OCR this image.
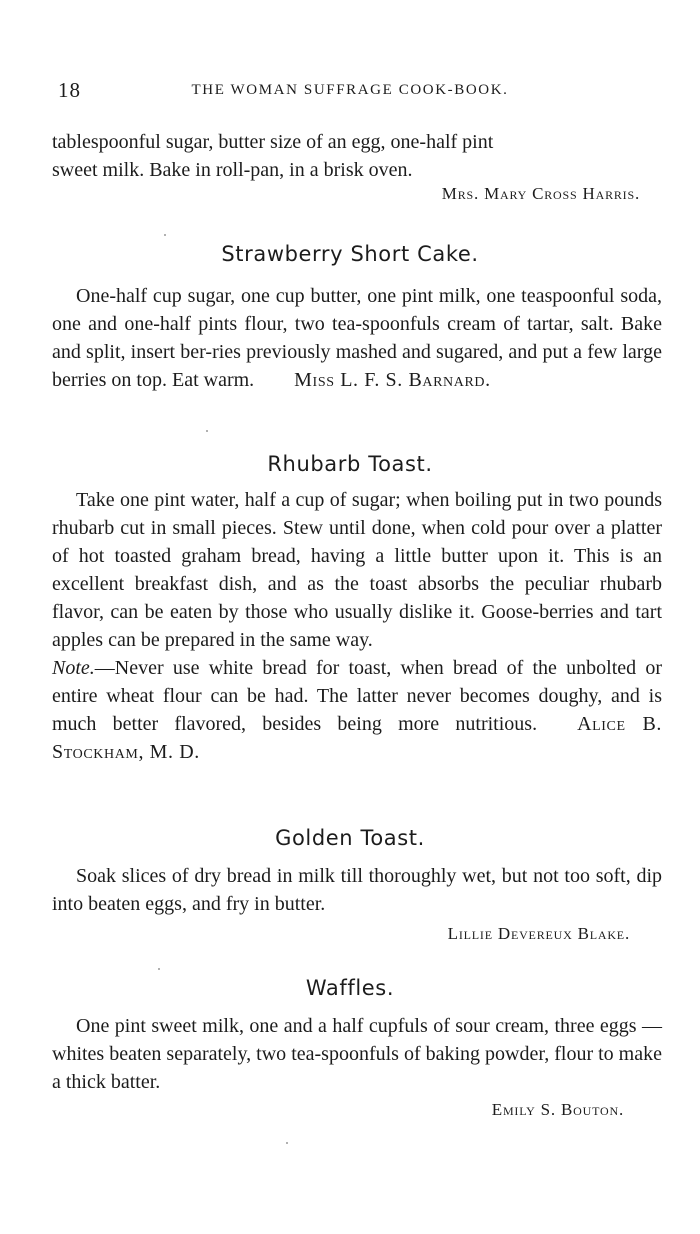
18	THE WOMAN SUFFRAGE COOK-BOOK.

tablespoonful sugar, butter size of an egg, one-half pint
sweet milk. Bake in roll-pan, in a brisk oven.

Mrs. Mary Cross Harris.
Strawberry Short Cake.

One-half cup sugar, one cup butter, one pint milk, one teaspoonful soda, one and one-half pints flour, two tea-spoonfuls cream of tartar, salt. Bake and split, insert ber-ries previously mashed and sugared, and put a few large berries on top. Eat warm. Miss L. F. S. Barnard.

Rhubarb Toast.

Take one pint water, half a cup of sugar; when boiling put in two pounds rhubarb cut in small pieces. Stew until done, when cold pour over a platter of hot toasted graham bread, having a little butter upon it. This is an excellent breakfast dish, and as the toast absorbs the peculiar rhubarb flavor, can be eaten by those who usually dislike it. Goose-berries and tart apples can be prepared in the same way.
Note.—Never use white bread for toast, when bread of the unbolted or entire wheat flour can be had. The latter never becomes doughy, and is much better flavored, besides being more nutritious. Alice B. Stockham, M. D.

Golden Toast.

Soak slices of dry bread in milk till thoroughly wet, but not too soft, dip into beaten eggs, and fry in butter.

Lillie Devereux Blake.
Waffles.

One pint sweet milk, one and a half cupfuls of sour cream, three eggs — whites beaten separately, two tea-spoonfuls of baking powder, flour to make a thick batter.

Emily S. Bouton.
